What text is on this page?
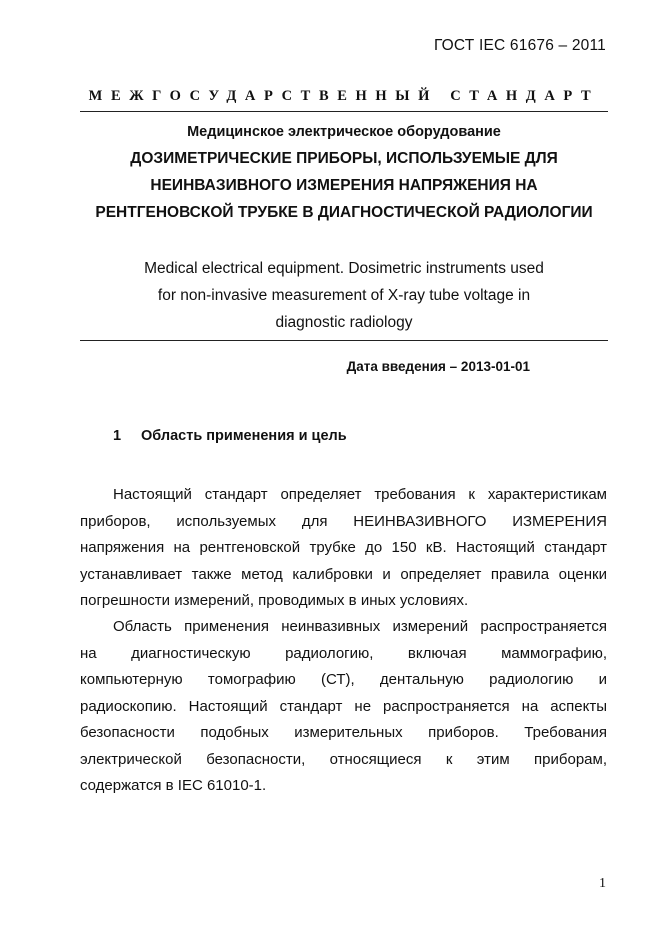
ГОСТ IEC 61676 – 2011
МЕЖГОСУДАРСТВЕННЫЙ СТАНДАРТ
Медицинское электрическое оборудование
ДОЗИМЕТРИЧЕСКИЕ ПРИБОРЫ, ИСПОЛЬЗУЕМЫЕ ДЛЯ
НЕИНВАЗИВНОГО ИЗМЕРЕНИЯ НАПРЯЖЕНИЯ НА
РЕНТГЕНОВСКОЙ ТРУБКЕ В ДИАГНОСТИЧЕСКОЙ РАДИОЛОГИИ
Medical electrical equipment. Dosimetric instruments used
for non-invasive measurement of X-ray tube voltage in
diagnostic radiology
Дата введения – 2013-01-01
1 Область применения и цель
Настоящий стандарт определяет требования к характеристикам
приборов, используемых для НЕИНВАЗИВНОГО ИЗМЕРЕНИЯ
напряжения на рентгеновской трубке до 150 кВ. Настоящий стандарт
устанавливает также метод калибровки и определяет правила оценки
погрешности измерений, проводимых в иных условиях.
Область применения неинвазивных измерений распространяется
на диагностическую радиологию, включая маммографию,
компьютерную томографию (СТ), дентальную радиологию и
радиоскопию. Настоящий стандарт не распространяется на аспекты
безопасности подобных измерительных приборов. Требования
электрической безопасности, относящиеся к этим приборам,
содержатся в IEC 61010-1.
1
